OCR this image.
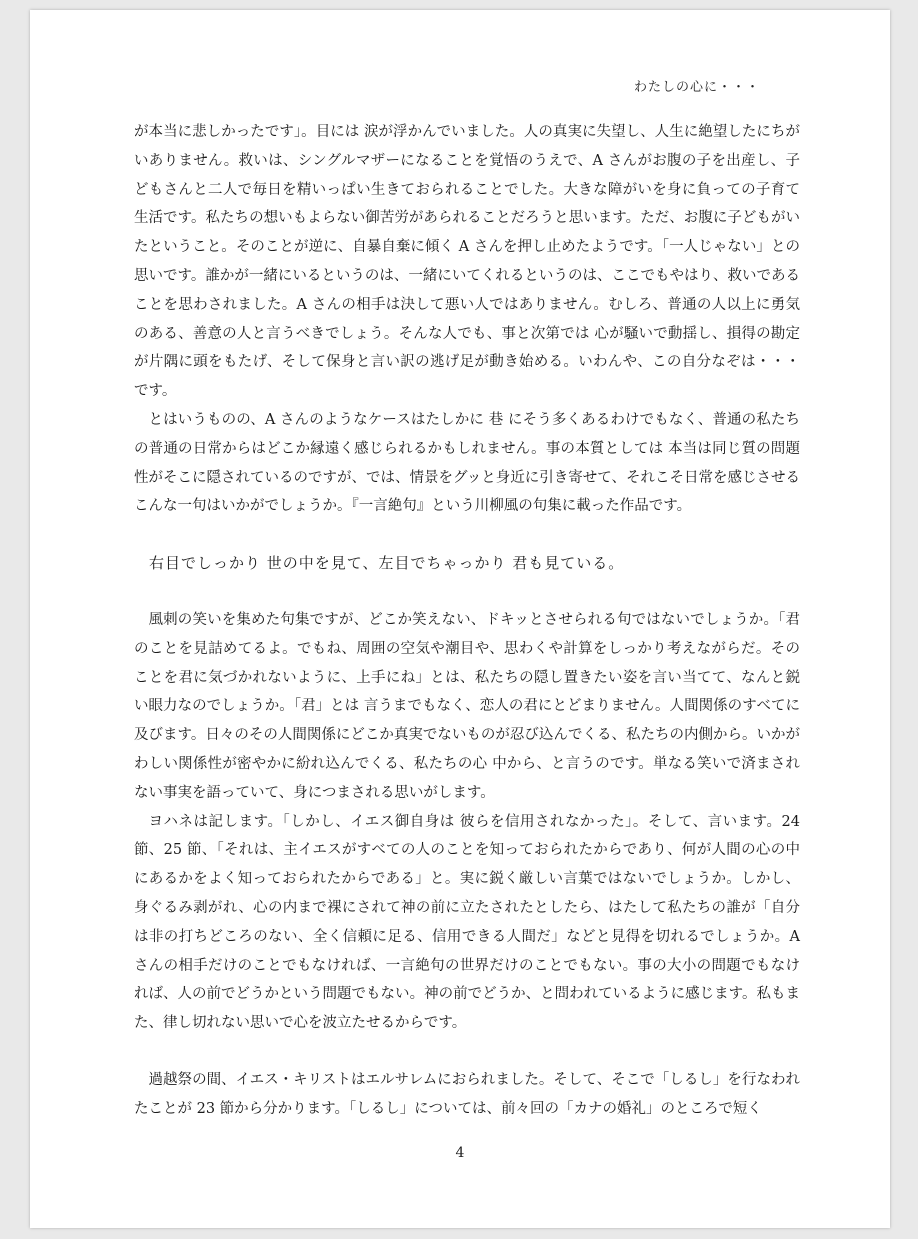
わたしの心に・・・

が本当に悲しかったです」。目には 涙が浮かんでいました。人の真実に失望し、人生に絶望したにちがいありません。救いは、シングルマザーになることを覚悟のうえで、A さんがお腹の子を出産し、子どもさんと二人で毎日を精いっぱい生きておられることでした。大きな障がいを身に負っての子育て生活です。私たちの想いもよらない御苦労があられることだろうと思います。ただ、お腹に子どもがいたということ。そのことが逆に、自暴自棄に傾く A さんを押し止めたようです。「一人じゃない」との思いです。誰かが一緒にいるというのは、一緒にいてくれるというのは、ここでもやはり、救いであることを思わされました。A さんの相手は決して悪い人ではありません。むしろ、普通の人以上に勇気のある、善意の人と言うべきでしょう。そんな人でも、事と次第では 心が騒いで動揺し、損得の勘定が片隅に頭をもたげ、そして保身と言い訳の逃げ足が動き始める。いわんや、この自分なぞは・・・です。

とはいうものの、A さんのようなケースはたしかに 巷 にそう多くあるわけでもなく、普通の私たちの普通の日常からはどこか縁遠く感じられるかもしれません。事の本質としては 本当は同じ質の問題性がそこに隠されているのですが、では、情景をグッと身近に引き寄せて、それこそ日常を感じさせるこんな一句はいかがでしょうか。『一言絶句』という川柳風の句集に載った作品です。

右目でしっかり 世の中を見て、左目でちゃっかり 君も見ている。

風刺の笑いを集めた句集ですが、どこか笑えない、ドキッとさせられる句ではないでしょうか。「君のことを見詰めてるよ。でもね、周囲の空気や潮目や、思わくや計算をしっかり考えながらだ。そのことを君に気づかれないように、上手にね」とは、私たちの隠し置きたい姿を言い当てて、なんと鋭い眼力なのでしょうか。「君」とは 言うまでもなく、恋人の君にとどまりません。人間関係のすべてに及びます。日々のその人間関係にどこか真実でないものが忍び込んでくる、私たちの内側から。いかがわしい関係性が密やかに紛れ込んでくる、私たちの心 中から、と言うのです。単なる笑いで済まされない事実を語っていて、身につまされる思いがします。

ヨハネは記します。「しかし、イエス御自身は 彼らを信用されなかった」。そして、言います。24 節、25 節、「それは、主イエスがすべての人のことを知っておられたからであり、何が人間の心の中にあるかをよく知っておられたからである」と。実に鋭く厳しい言葉ではないでしょうか。しかし、身ぐるみ剥がれ、心の内まで裸にされて神の前に立たされたとしたら、はたして私たちの誰が「自分は非の打ちどころのない、全く信頼に足る、信用できる人間だ」などと見得を切れるでしょうか。A さんの相手だけのことでもなければ、一言絶句の世界だけのことでもない。事の大小の問題でもなければ、人の前でどうかという問題でもない。神の前でどうか、と問われているように感じます。私もまた、律し切れない思いで心を波立たせるからです。

過越祭の間、イエス・キリストはエルサレムにおられました。そして、そこで「しるし」を行なわれたことが 23 節から分かります。「しるし」については、前々回の「カナの婚礼」のところで短く

4
